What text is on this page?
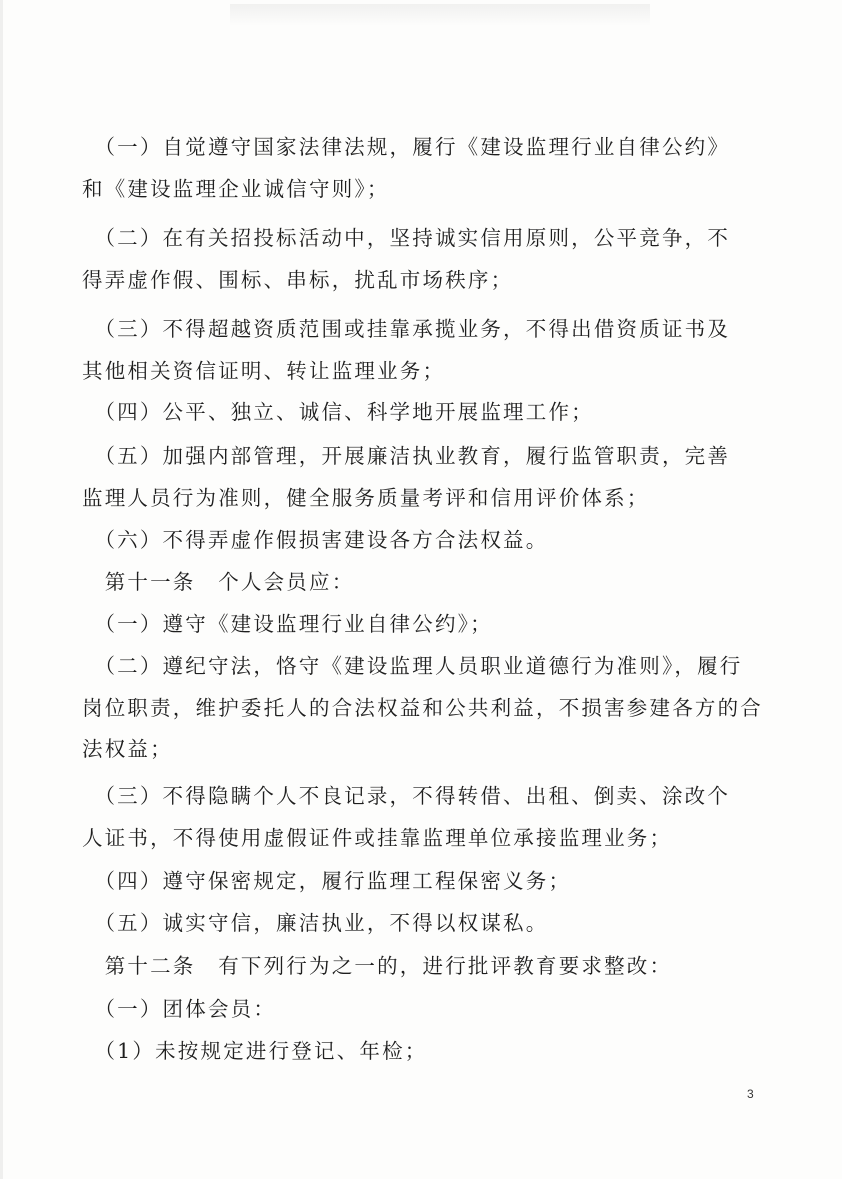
　（一）自觉遵守国家法律法规，履行《建设监理行业自律公约》
和《建设监理企业诚信守则》；

　（二）在有关招投标活动中，坚持诚实信用原则，公平竞争，不
得弄虚作假、围标、串标，扰乱市场秩序；

　（三）不得超越资质范围或挂靠承揽业务，不得出借资质证书及
其他相关资信证明、转让监理业务；

　（四）公平、独立、诚信、科学地开展监理工作；

　（五）加强内部管理，开展廉洁执业教育，履行监管职责，完善
监理人员行为准则，健全服务质量考评和信用评价体系；

　（六）不得弄虚作假损害建设各方合法权益。

　第十一条　个人会员应：

　（一）遵守《建设监理行业自律公约》；

　（二）遵纪守法，恪守《建设监理人员职业道德行为准则》，履行
岗位职责，维护委托人的合法权益和公共利益，不损害参建各方的合
法权益；

　（三）不得隐瞒个人不良记录，不得转借、出租、倒卖、涂改个
人证书，不得使用虚假证件或挂靠监理单位承接监理业务；

　（四）遵守保密规定，履行监理工程保密义务；

　（五）诚实守信，廉洁执业，不得以权谋私。

　第十二条　有下列行为之一的，进行批评教育要求整改：

　（一）团体会员：

　（1）未按规定进行登记、年检；

3
